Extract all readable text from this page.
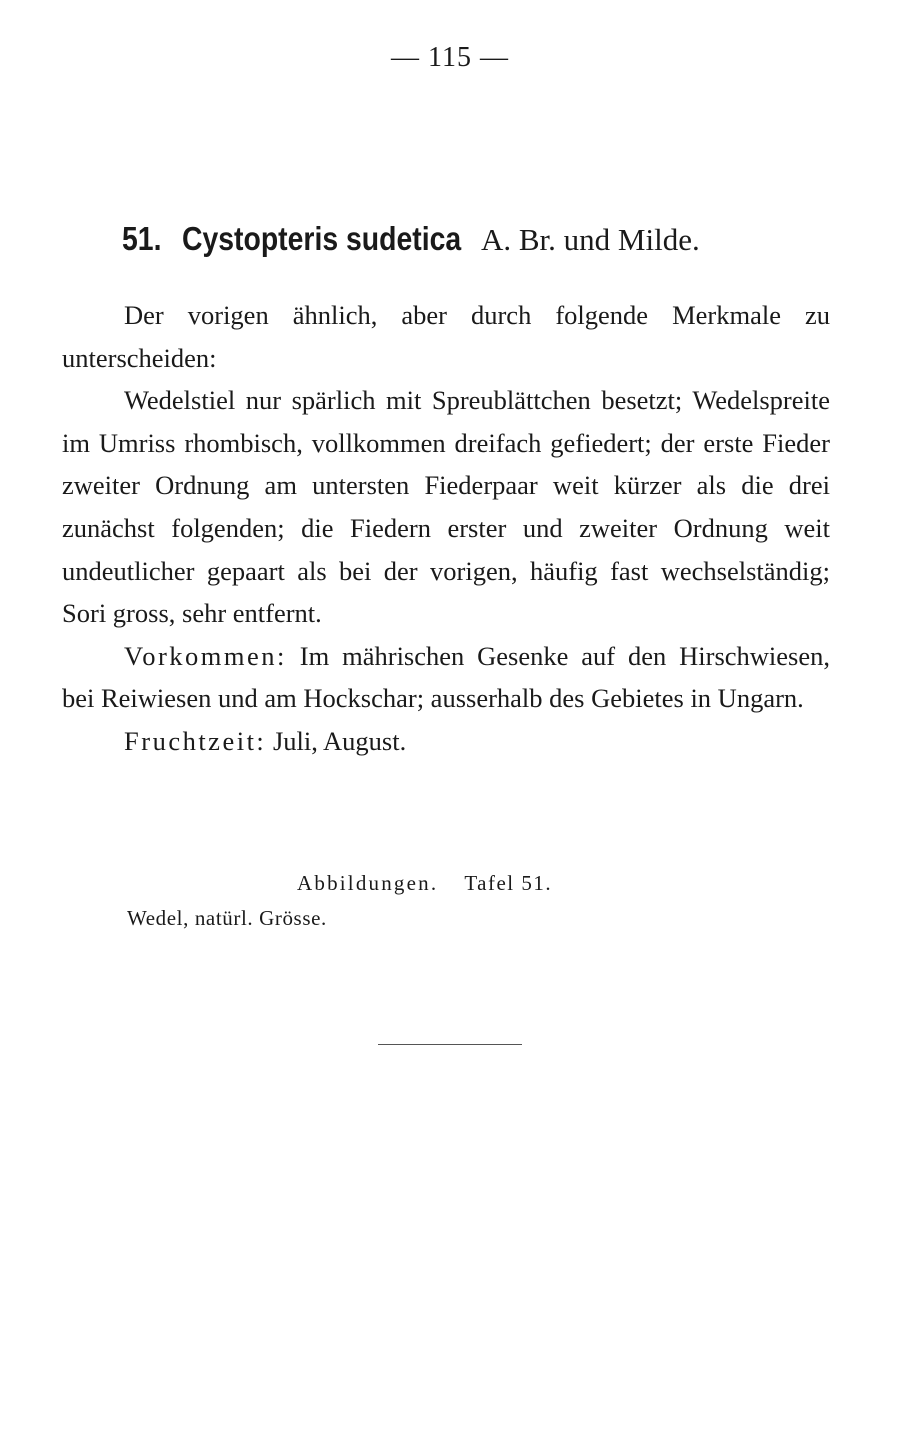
— 115 —
51. Cystopteris sudetica A. Br. und Milde.

Der vorigen ähnlich, aber durch folgende Merkmale zu unterscheiden:

Wedelstiel nur spärlich mit Spreublättchen besetzt; Wedelspreite im Umriss rhombisch, vollkommen dreifach gefiedert; der erste Fieder zweiter Ordnung am untersten Fiederpaar weit kürzer als die drei zunächst folgenden; die Fiedern erster und zweiter Ordnung weit undeutlicher gepaart als bei der vorigen, häufig fast wechselständig; Sori gross, sehr entfernt.

Vorkommen: Im mährischen Gesenke auf den Hirschwiesen, bei Reiwiesen und am Hockschar; ausserhalb des Gebietes in Ungarn.

Fruchtzeit: Juli, August.

Abbildungen. Tafel 51.
Wedel, natürl. Grösse.
